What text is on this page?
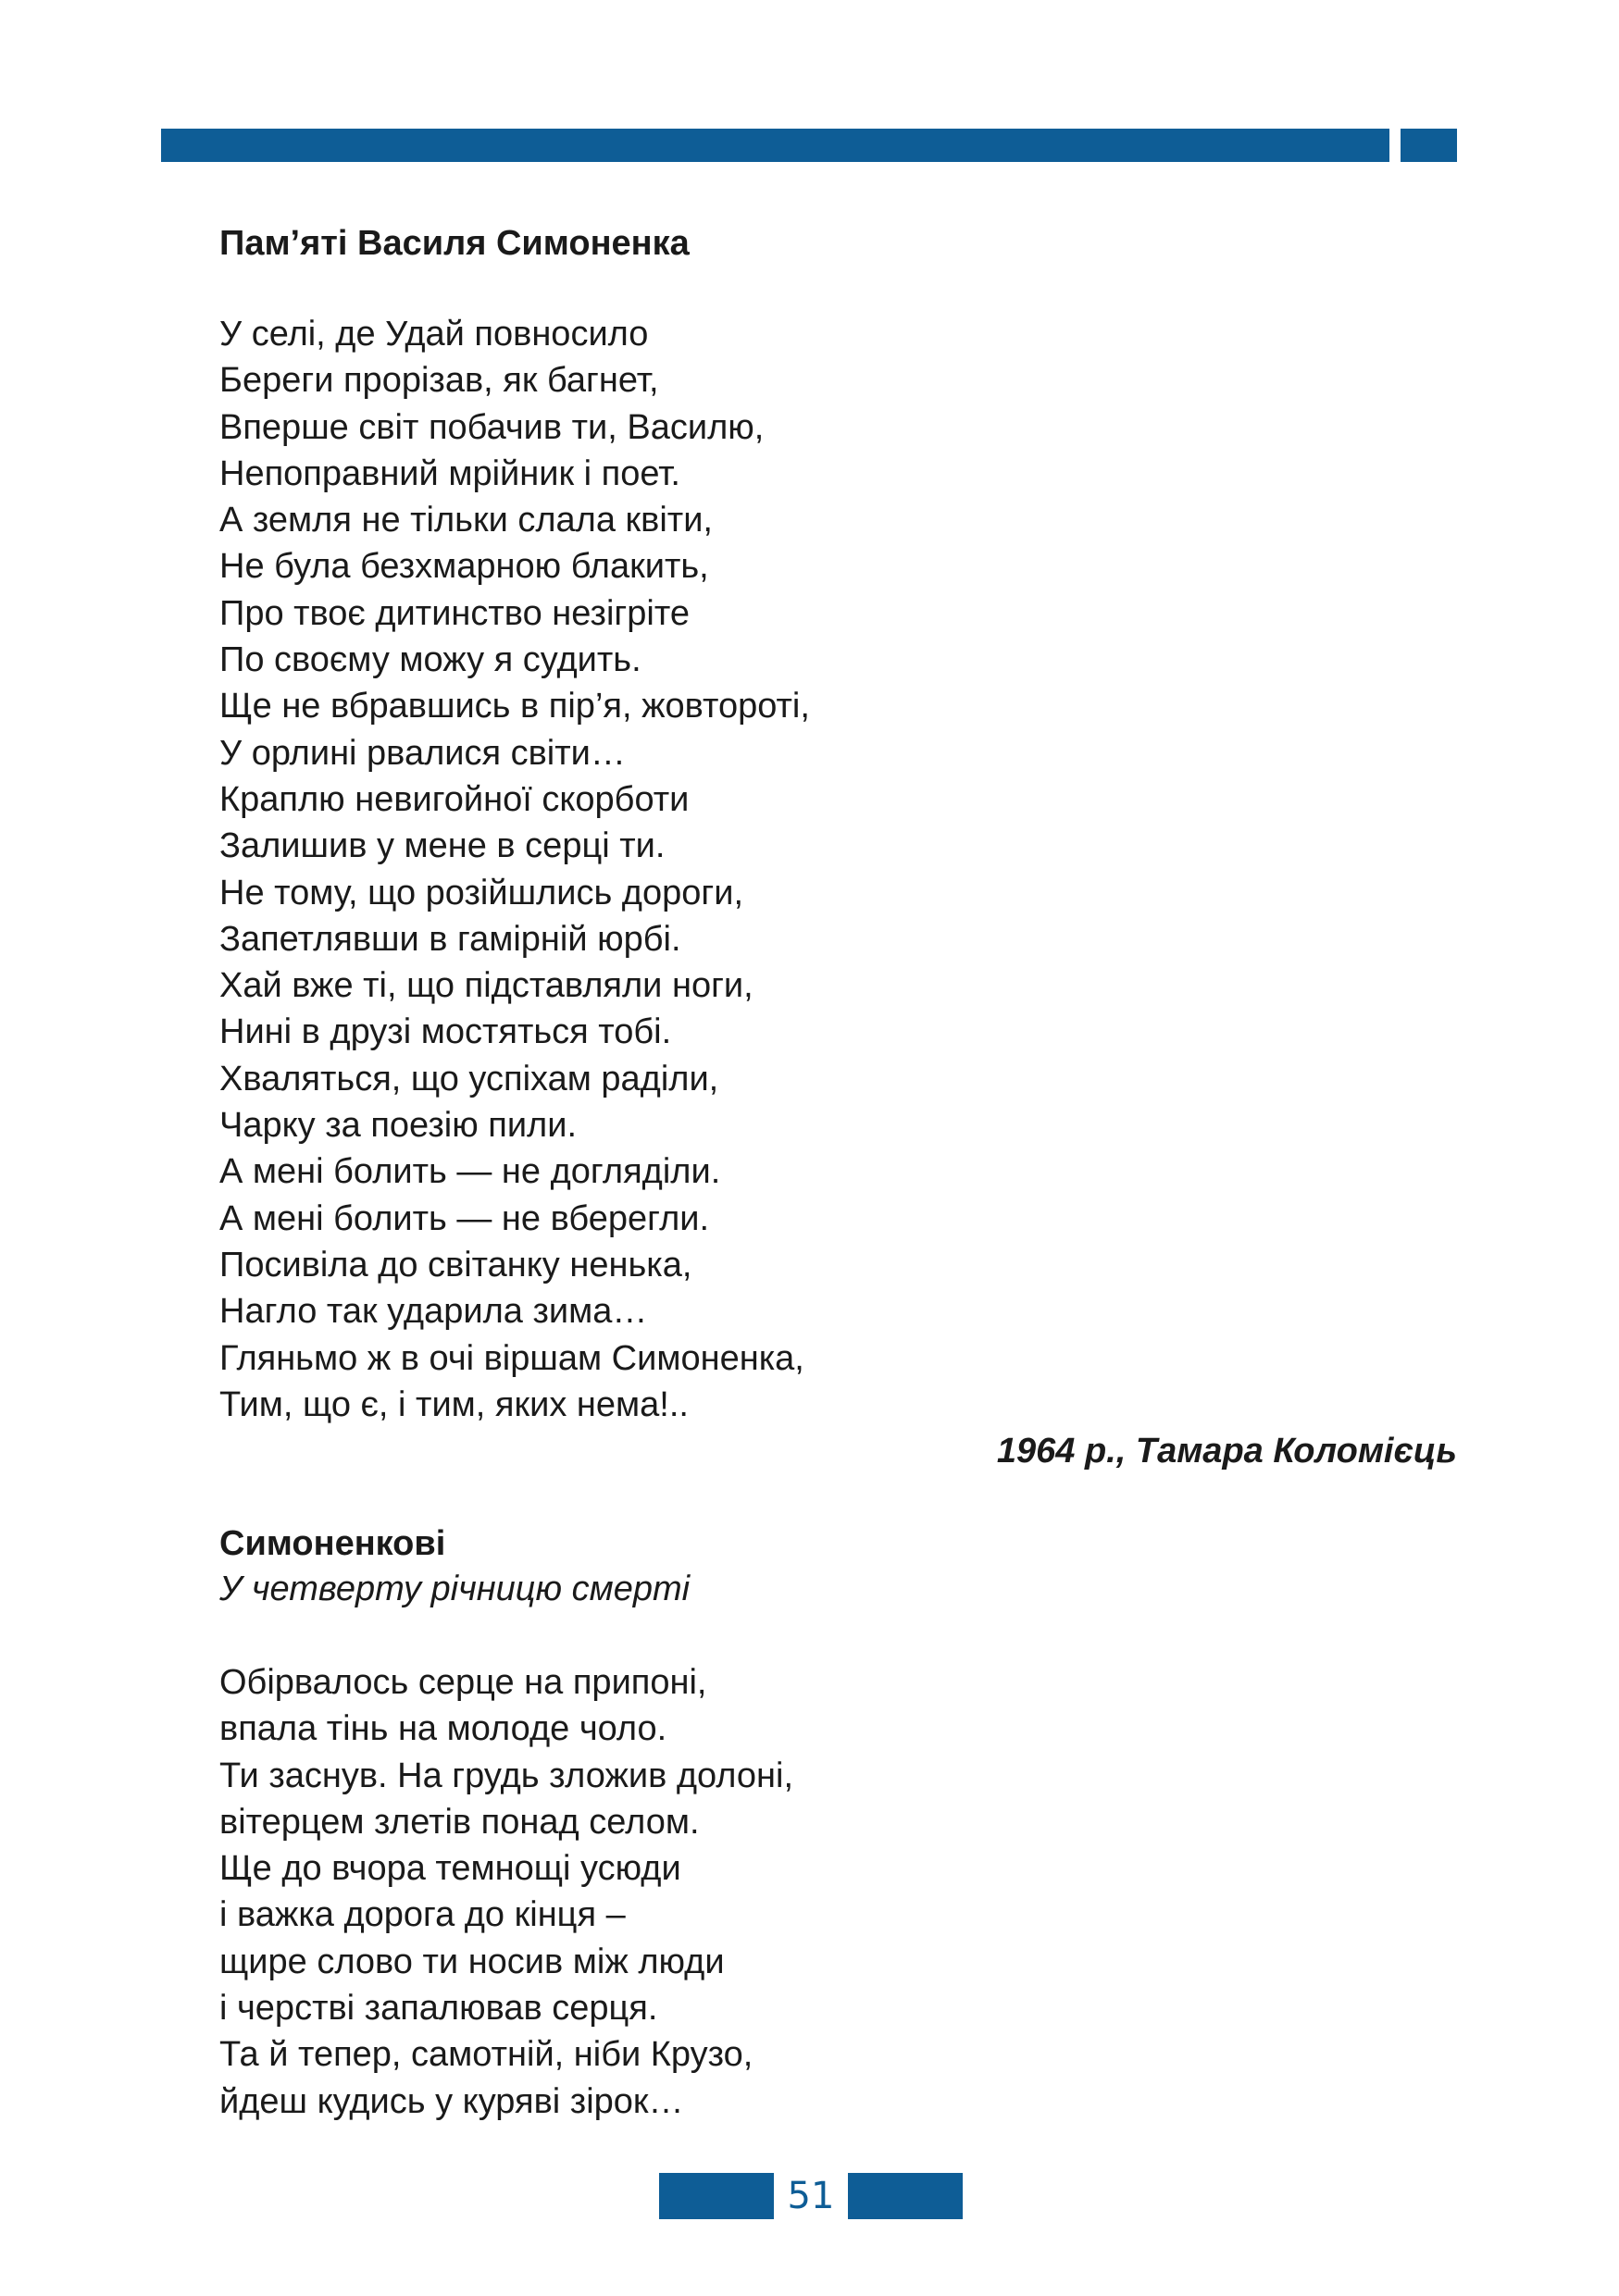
Пам’яті Василя Симоненка
У селі, де Удай повносило
Береги прорізав, як багнет,
Вперше світ побачив ти, Василю,
Непоправний мрійник і поет.
А земля не тільки слала квіти,
Не була безхмарною блакить,
Про твоє дитинство незігріте
По своєму можу я судить.
Ще не вбравшись в пір’я, жовтороті,
У орлині рвалися світи…
Краплю невигойної скорботи
Залишив у мене в серці ти.
Не тому, що розійшлись дороги,
Запетлявши в гамірній юрбі.
Хай вже ті, що підставляли ноги,
Нині в друзі мостяться тобі.
Хваляться, що успіхам раділи,
Чарку за поезію пили.
А мені болить — не догляділи.
А мені болить — не вберегли.
Посивіла до світанку ненька,
Нагло так ударила зима…
Гляньмо ж в очі віршам Симоненка,
Тим, що є, і тим, яких нема!..
1964 р., Тамара Коломієць
Симоненкові

У четверту річницю смерті

Обірвалось серце на припоні,
впала тінь на молоде чоло.
Ти заснув. На грудь зложив долоні,
вітерцем злетів понад селом.
Ще до вчора темнощі усюди
і важка дорога до кінця –
щире слово ти носив між люди
і черстві запалював серця.
Та й тепер, самотній, ніби Крузо,
йдеш кудись у куряві зірок…
51
